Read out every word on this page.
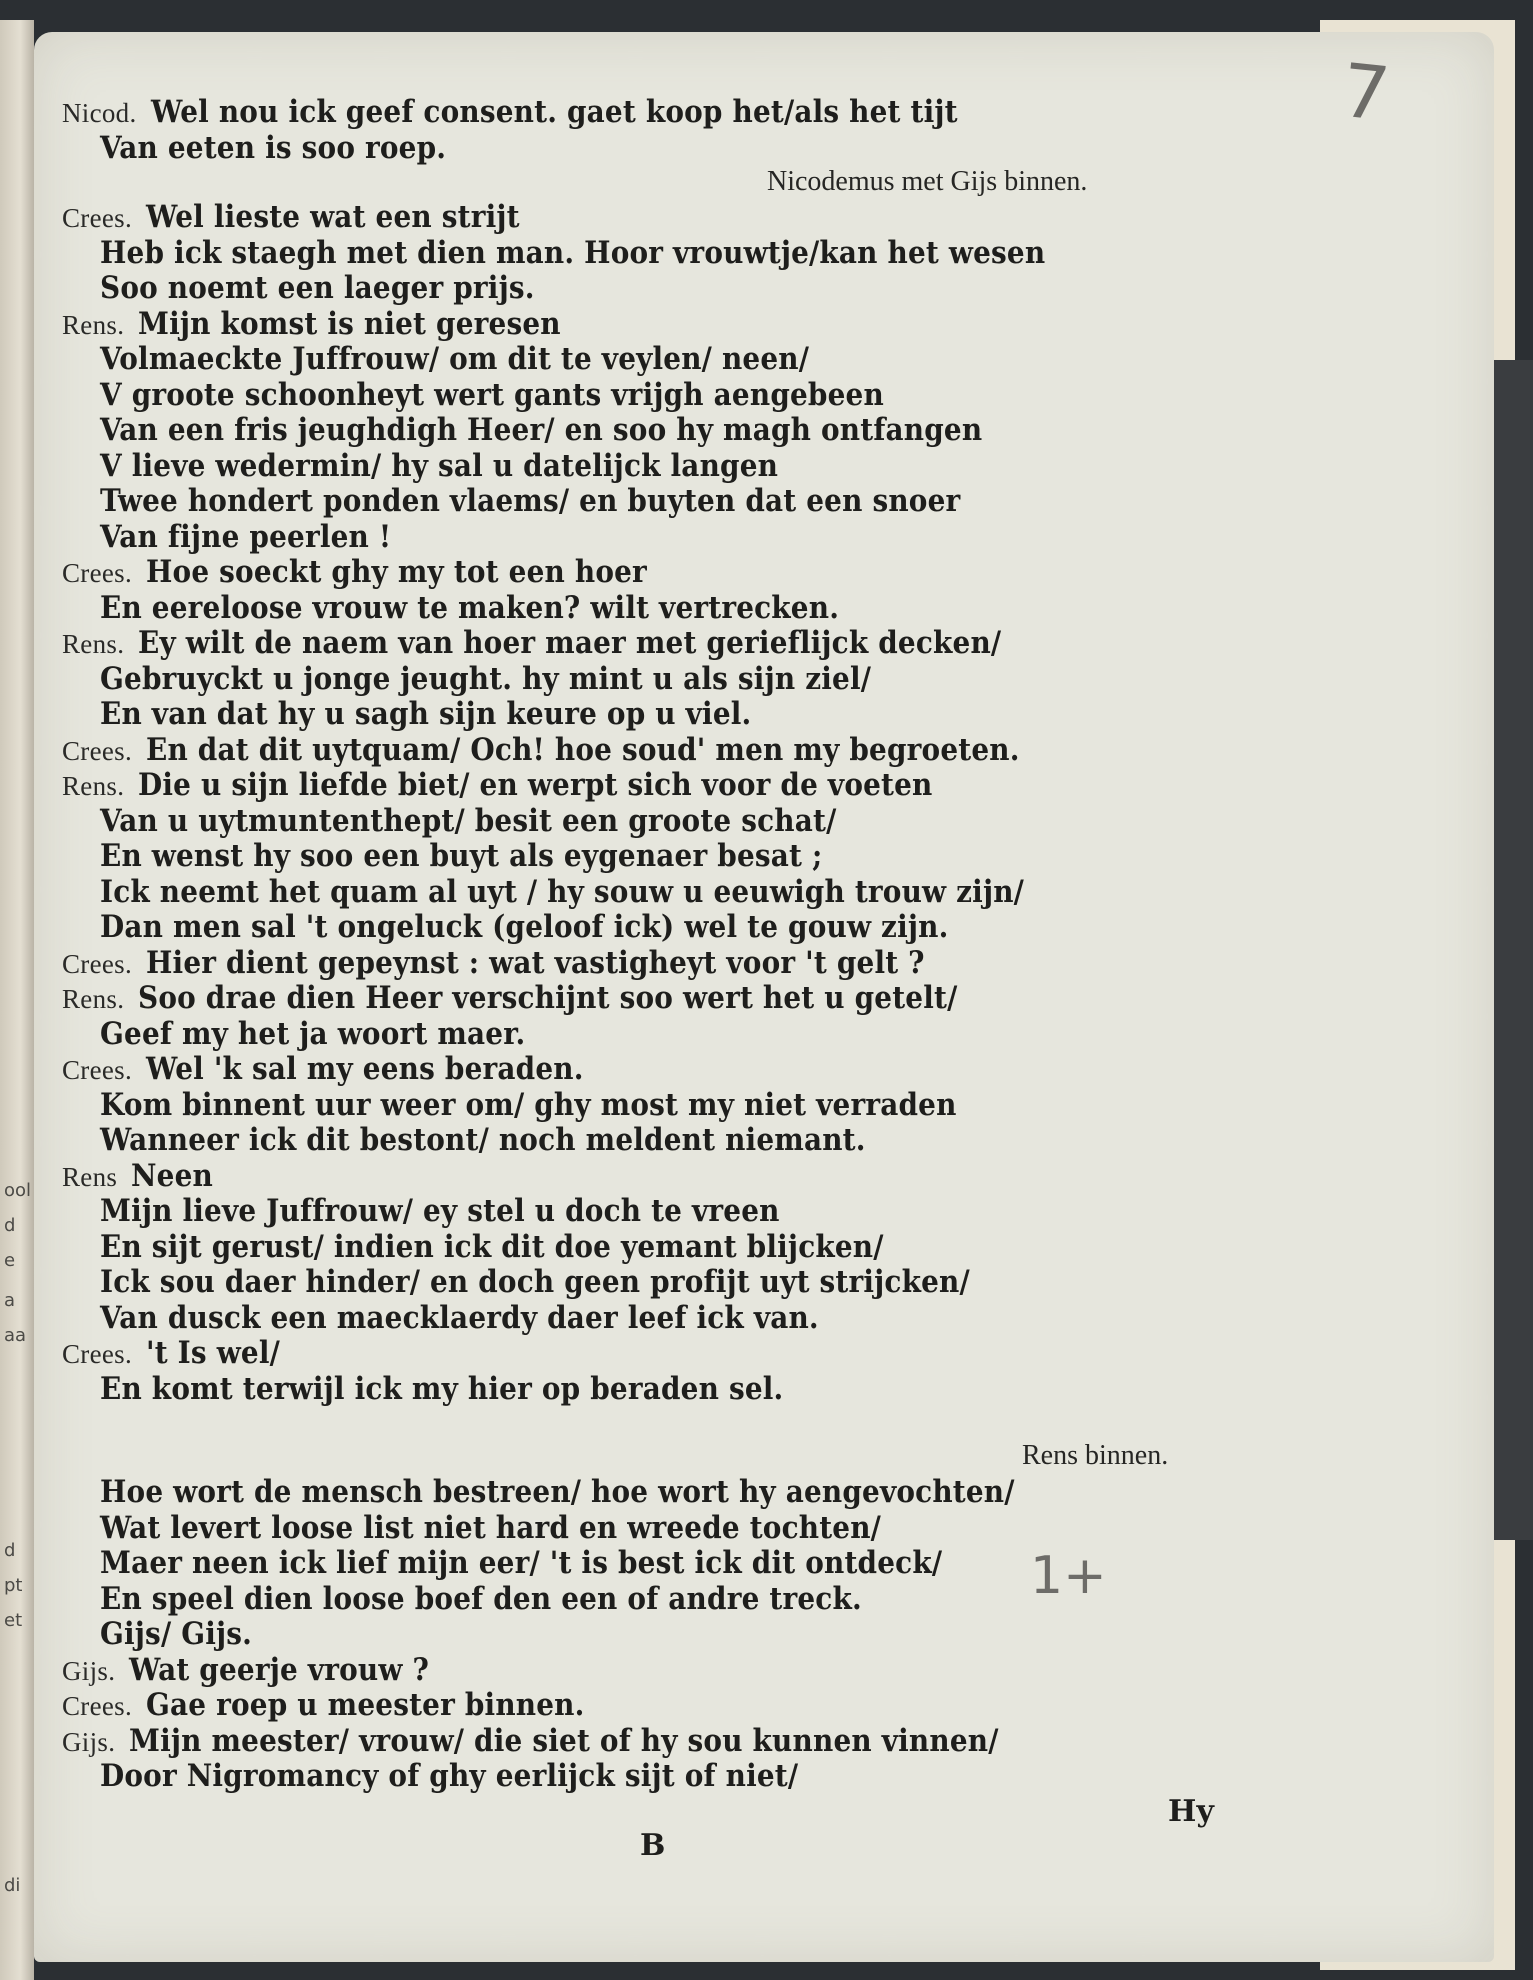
ool
d
e
a
aa
d
pt
et
di
Nicod. Wel nou ick geef consent. gaet koop het/als het tijt
Van eeten is soo roep.
Crees. Wel lieste wat een strijt
Heb ick staegh met dien man. Hoor vrouwtje/kan het wesen
Soo noemt een laeger prijs.
Rens. Mijn komst is niet geresen
Volmaeckte Juffrouw/ om dit te veylen/ neen/
V groote schoonheyt wert gants vrijgh aengebeen
Van een fris jeughdigh Heer/ en soo hy magh ontfangen
V lieve wedermin/ hy sal u datelijck langen
Twee hondert ponden vlaems/ en buyten dat een snoer
Van fijne peerlen !
Crees. Hoe soeckt ghy my tot een hoer
En eereloose vrouw te maken? wilt vertrecken.
Rens. Ey wilt de naem van hoer maer met gerieflijck decken/
Gebruyckt u jonge jeught. hy mint u als sijn ziel/
En van dat hy u sagh sijn keure op u viel.
Crees. En dat dit uytquam/ Och! hoe soud' men my begroeten.
Rens. Die u sijn liefde biet/ en werpt sich voor de voeten
Van u uytmuntenthept/ besit een groote schat/
En wenst hy soo een buyt als eygenaer besat ;
Ick neemt het quam al uyt / hy souw u eeuwigh trouw zijn/
Dan men sal 't ongeluck (geloof ick) wel te gouw zijn.
Crees. Hier dient gepeynst : wat vastigheyt voor 't gelt ?
Rens. Soo drae dien Heer verschijnt soo wert het u getelt/
Geef my het ja woort maer.
Crees. Wel 'k sal my eens beraden.
Kom binnent uur weer om/ ghy most my niet verraden
Wanneer ick dit bestont/ noch meldent niemant.
Rens Neen
Mijn lieve Juffrouw/ ey stel u doch te vreen
En sijt gerust/ indien ick dit doe yemant blijcken/
Ick sou daer hinder/ en doch geen profijt uyt strijcken/
Van dusck een maecklaerdy daer leef ick van.
Crees. 't Is wel/
En komt terwijl ick my hier op beraden sel.
Hoe wort de mensch bestreen/ hoe wort hy aengevochten/
Wat levert loose list niet hard en wreede tochten/
Maer neen ick lief mijn eer/ 't is best ick dit ontdeck/
En speel dien loose boef den een of andre treck.
Gijs/ Gijs.
Gijs. Wat geerje vrouw ?
Crees. Gae roep u meester binnen.
Gijs. Mijn meester/ vrouw/ die siet of hy sou kunnen vinnen/
Door Nigromancy of ghy eerlijck sijt of niet/
Nicodemus met Gijs binnen.
Rens binnen.
B
Hy
7
1+
